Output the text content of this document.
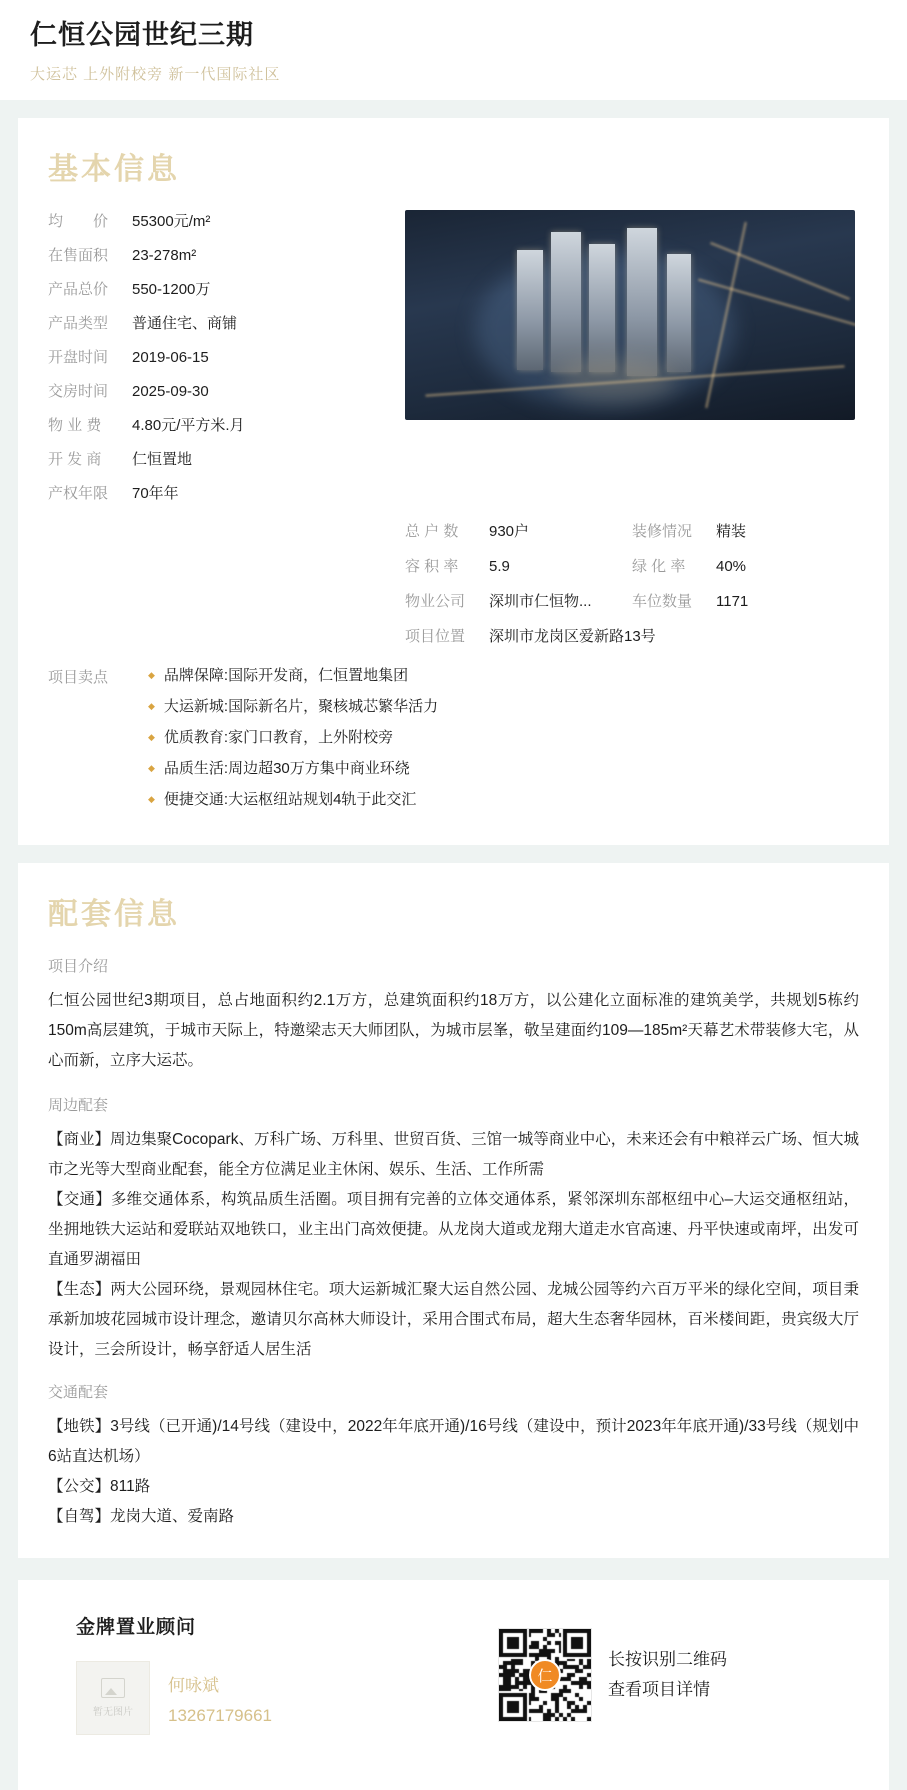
仁恒公园世纪三期
大运芯 上外附校旁 新一代国际社区
基本信息
均　　价	55300元/m²
在售面积	23-278m²
产品总价	550-1200万
产品类型	普通住宅、商铺
开盘时间	2019-06-15
交房时间	2025-09-30
物 业 费	4.80元/平方米.月
开 发 商	仁恒置地
产权年限	70年年
总 户 数	930户	装修情况	精装
容 积 率	5.9	绿 化 率	40%
物业公司	深圳市仁恒物...	车位数量	1171
项目位置	深圳市龙岗区爱新路13号
项目卖点	◆ 品牌保障:国际开发商，仁恒置地集团
◆ 大运新城:国际新名片，聚核城芯繁华活力
◆ 优质教育:家门口教育，上外附校旁
◆ 品质生活:周边超30万方集中商业环绕
◆ 便捷交通:大运枢纽站规划4轨于此交汇
配套信息
项目介绍
仁恒公园世纪3期项目，总占地面积约2.1万方，总建筑面积约18万方，以公建化立面标准的建筑美学，共规划5栋约150m高层建筑，于城市天际上，特邀梁志天大师团队，为城市层峯，敬呈建面约109—185m²天幕艺术带装修大宅，从心而新，立序大运芯。
周边配套
【商业】周边集聚Cocopark、万科广场、万科里、世贸百货、三馆一城等商业中心，未来还会有中粮祥云广场、恒大城市之光等大型商业配套，能全方位满足业主休闲、娱乐、生活、工作所需
【交通】多维交通体系，构筑品质生活圈。项目拥有完善的立体交通体系，紧邻深圳东部枢纽中心–大运交通枢纽站，坐拥地铁大运站和爱联站双地铁口，业主出门高效便捷。从龙岗大道或龙翔大道走水官高速、丹平快速或南坪，出发可直通罗湖福田
【生态】两大公园环绕，景观园林住宅。项大运新城汇聚大运自然公园、龙城公园等约六百万平米的绿化空间，项目秉承新加坡花园城市设计理念，邀请贝尔高林大师设计，采用合围式布局，超大生态奢华园林，百米楼间距，贵宾级大厅设计，三会所设计，畅享舒适人居生活
交通配套
【地铁】3号线（已开通)/14号线（建设中，2022年年底开通)/16号线（建设中，预计2023年年底开通)/33号线（规划中6站直达机场）
【公交】811路
【自驾】龙岗大道、爱南路
金牌置业顾问
暂无图片
何咏斌
13267179661
仁
长按识别二维码
查看项目详情
